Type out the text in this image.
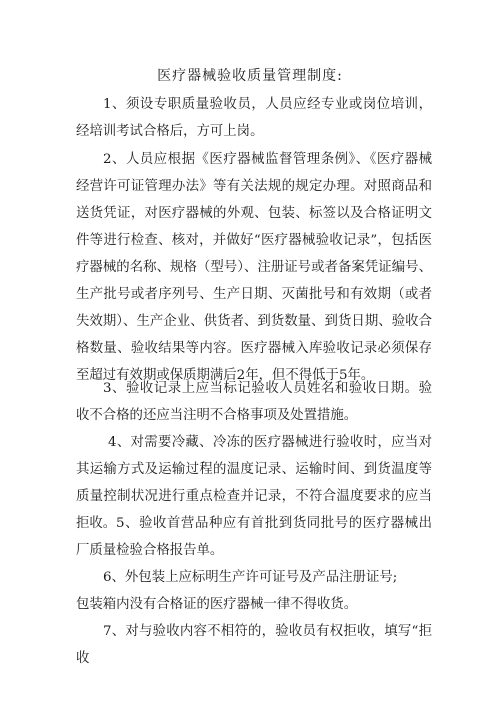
医疗器械验收质量管理制度:

1、须设专职质量验收员，人员应经专业或岗位培训，经培训考试合格后，方可上岗。

2、人员应根据《医疗器械监督管理条例》、《医疗器械经营许可证管理办法》等有关法规的规定办理。对照商品和送货凭证，对医疗器械的外观、包装、标签以及合格证明文件等进行检查、核对，并做好“医疗器械验收记录”，包括医疗器械的名称、规格（型号）、注册证号或者备案凭证编号、生产批号或者序列号、生产日期、灭菌批号和有效期（或者失效期）、生产企业、供货者、到货数量、到货日期、验收合格数量、验收结果等内容。医疗器械入库验收记录必须保存至超过有效期或保质期满后2年，但不得低于5年。

3、验收记录上应当标记验收人员姓名和验收日期。验收不合格的还应当注明不合格事项及处置措施。

4、对需要冷藏、冷冻的医疗器械进行验收时，应当对其运输方式及运输过程的温度记录、运输时间、到货温度等质量控制状况进行重点检查并记录，不符合温度要求的应当拒收。 5、验收首营品种应有首批到货同批号的医疗器械出厂质量检验合格报告单。

6、外包装上应标明生产许可证号及产品注册证号;

包装箱内没有合格证的医疗器械一律不得收货。

7、对与验收内容不相符的，验收员有权拒收，填写“拒收
